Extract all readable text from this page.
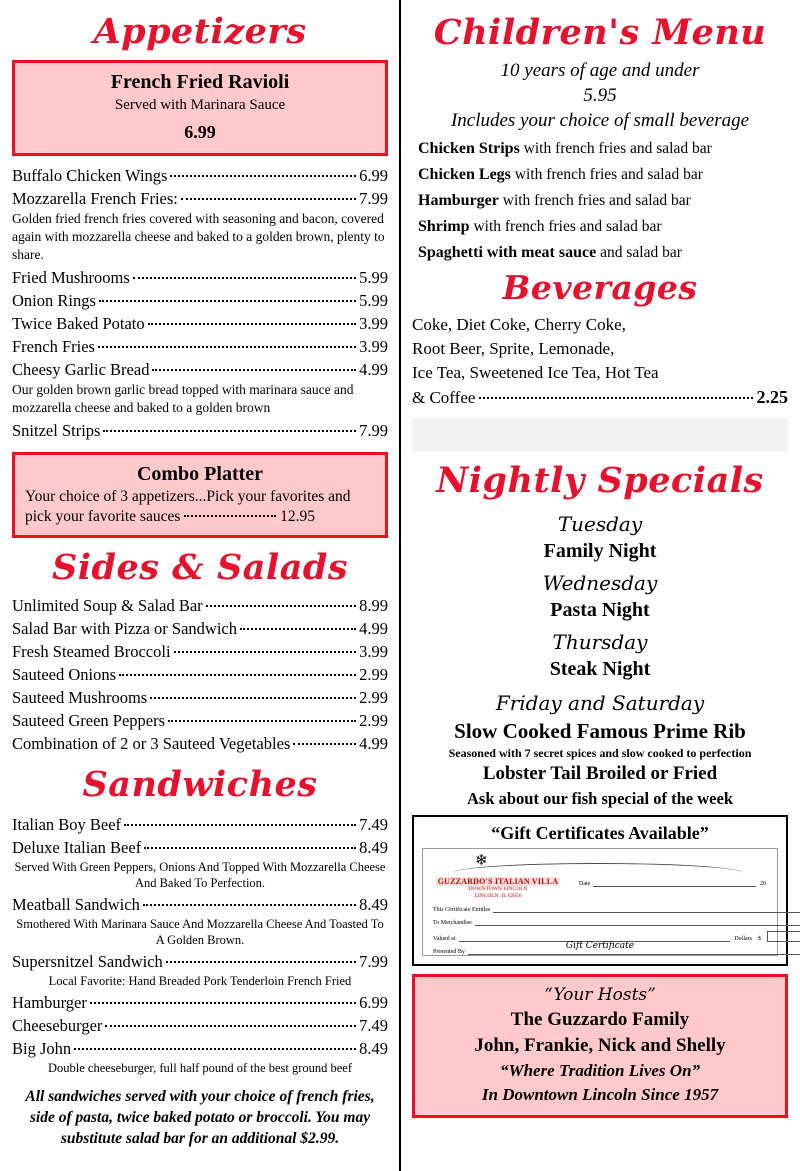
Appetizers
French Fried Ravioli
Served with Marinara Sauce
6.99
Buffalo Chicken Wings	6.99
Mozzarella French Fries:	7.99
Golden fried french fries covered with seasoning and bacon, covered again with mozzarella cheese and baked to a golden brown, plenty to share.
Fried Mushrooms	5.99
Onion Rings	5.99
Twice Baked Potato	3.99
French Fries	3.99
Cheesy Garlic Bread	4.99
Our golden brown garlic bread topped with marinara sauce and mozzarella cheese and baked to a golden brown
Snitzel Strips	7.99
Combo Platter
Your choice of 3 appetizers...Pick your favorites and pick your favorite sauces	12.95
Sides & Salads
Unlimited Soup & Salad Bar	8.99
Salad Bar with Pizza or Sandwich	4.99
Fresh Steamed Broccoli	3.99
Sauteed Onions	2.99
Sauteed Mushrooms	2.99
Sauteed Green Peppers	2.99
Combination of 2 or 3 Sauteed Vegetables	4.99
Sandwiches
Italian Boy Beef	7.49
Deluxe Italian Beef	8.49
Served With Green Peppers, Onions And Topped With Mozzarella Cheese And Baked To Perfection.
Meatball Sandwich	8.49
Smothered With Marinara Sauce And Mozzarella Cheese And Toasted To A Golden Brown.
Supersnitzel Sandwich	7.99
Local Favorite: Hand Breaded Pork Tenderloin French Fried
Hamburger	6.99
Cheeseburger	7.49
Big John	8.49
Double cheeseburger, full half pound of the best ground beef
All sandwiches served with your choice of french fries, side of pasta, twice baked potato or broccoli. You may substitute salad bar for an additional $2.99.
Children's Menu
10 years of age and under
5.95
Includes your choice of small beverage
Chicken Strips with french fries and salad bar
Chicken Legs with french fries and salad bar
Hamburger with french fries and salad bar
Shrimp with french fries and salad bar
Spaghetti with meat sauce and salad bar
Beverages
Coke, Diet Coke, Cherry Coke,
Root Beer, Sprite, Lemonade,
Ice Tea, Sweetened Ice Tea, Hot Tea
& Coffee	2.25
Nightly Specials
Tuesday
Family Night
Wednesday
Pasta Night
Thursday
Steak Night
Friday and Saturday
Slow Cooked Famous Prime Rib
Seasoned with 7 secret spices and slow cooked to perfection
Lobster Tail Broiled or Fried
Ask about our fish special of the week
“Gift Certificates Available”
❄
GUZZARDO'S ITALIAN VILLA
DOWNTOWN LINCOLN
LINCOLN, IL 62656
Date	20
This Certificate Entitles
To Merchandise
Valued at	Dollars $
Presented By
Gift Certificate
“Your Hosts”
The Guzzardo Family
John, Frankie, Nick and Shelly
“Where Tradition Lives On”
In Downtown Lincoln Since 1957
